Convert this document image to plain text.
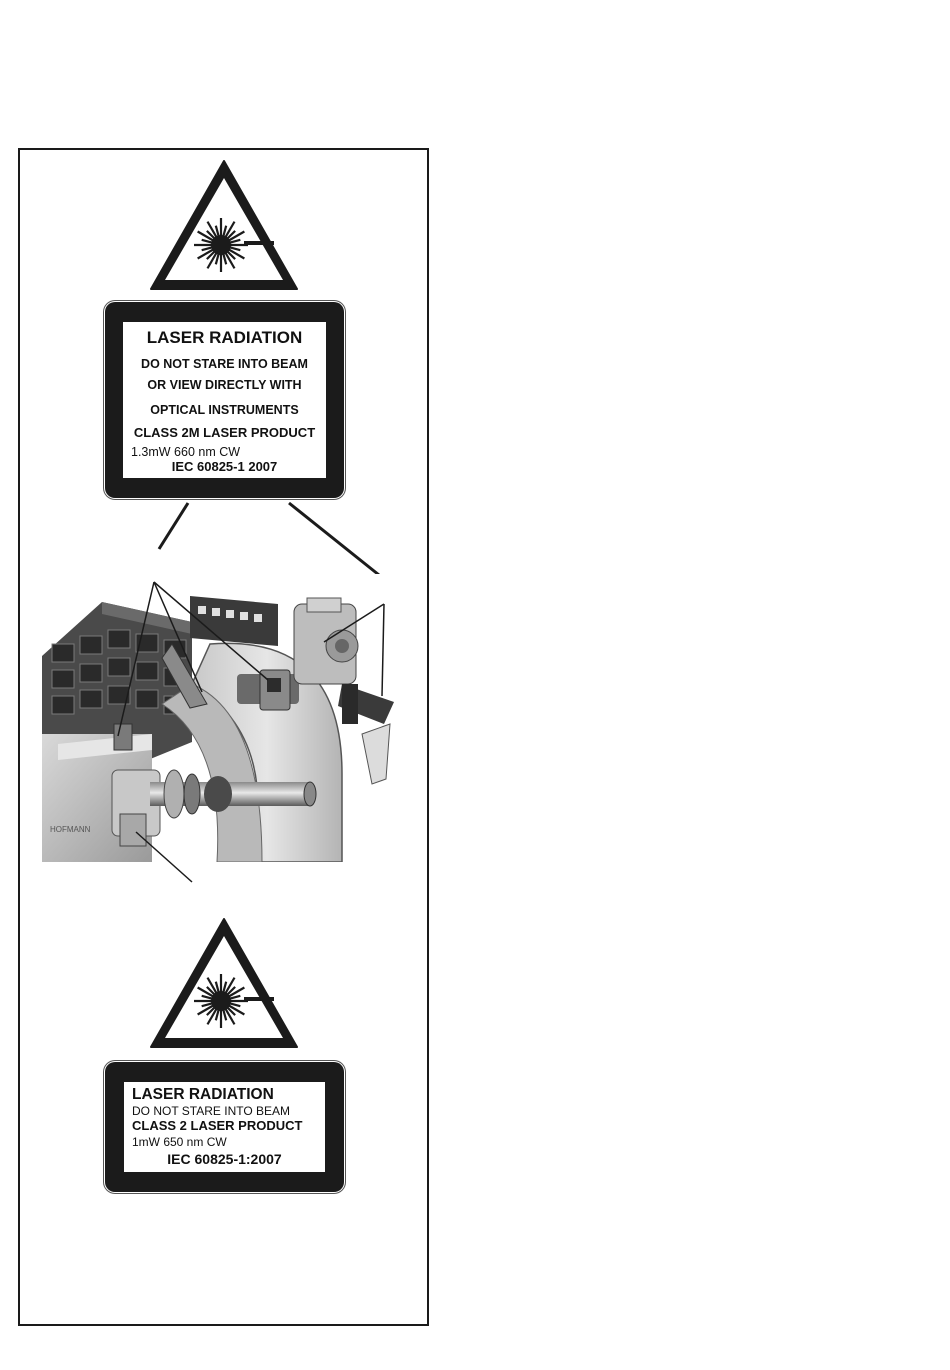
LASER RADIATION
DO NOT STARE INTO BEAM
OR VIEW DIRECTLY WITH
OPTICAL INSTRUMENTS
CLASS 2M LASER PRODUCT
1.3mW 660 nm CW
IEC 60825-1 2007
HOFMANN
LASER RADIATION
DO NOT STARE INTO BEAM
CLASS 2 LASER PRODUCT
1mW 650 nm CW
IEC 60825-1:2007
